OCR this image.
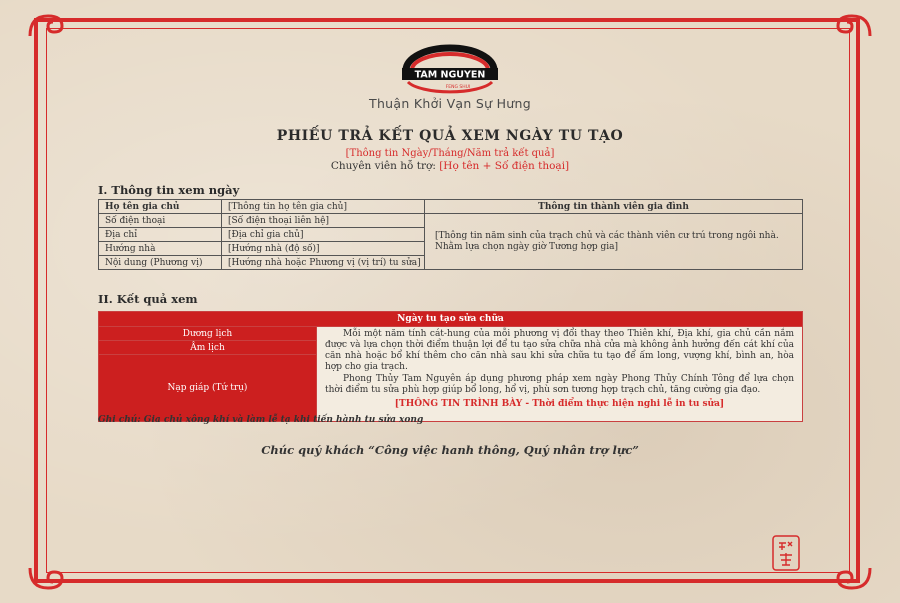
TAM NGUYEN
FENG SHUI
Thuận Khởi Vạn Sự Hưng
PHIẾU TRẢ KẾT QUẢ XEM NGÀY TU TẠO
[Thông tin Ngày/Tháng/Năm trả kết quả]
Chuyên viên hỗ trợ: [Họ tên + Số điện thoại]
I. Thông tin xem ngày
Họ tên gia chủ	[Thông tin họ tên gia chủ]	Thông tin thành viên gia đình
Số điện thoại	[Số điện thoại liên hệ]	[Thông tin năm sinh của trạch chủ và các thành viên cư trú trong ngôi nhà. Nhằm lựa chọn ngày giờ Tương hợp gia]
Địa chỉ	[Địa chỉ gia chủ]	
Hướng nhà	[Hướng nhà (độ số)]	
Nội dung (Phương vị)	[Hướng nhà hoặc Phương vị (vị trí) tu sửa]	
II. Kết quả xem
Ngày tu tạo sửa chữa
Dương lịch	Mỗi một năm tính cát-hung của mỗi phương vị đổi thay theo Thiên khí, Địa khí, gia chủ cần nắm được và lựa chọn thời điểm thuận lợi để tu tạo sửa chữa nhà cửa mà không ảnh hưởng đến cát khí của căn nhà hoặc bổ khí thêm cho căn nhà sau khi sửa chữa tu tạo để ấm long, vượng khí, bình an, hòa hợp cho gia trạch.

Phong Thủy Tam Nguyên áp dụng phương pháp xem ngày Phong Thủy Chính Tông để lựa chọn thời điểm tu sửa phù hợp giúp bổ long, hổ vị, phù sơn tương hợp trạch chủ, tăng cường gia đạo.

[THÔNG TIN TRÌNH BÀY - Thời điểm thực hiện nghi lễ in tu sửa]

Âm lịch
Nạp giáp (Tứ trụ)
Ghi chú: Gia chủ xông khí và làm lễ tạ khi tiến hành tu sửa xong
Chúc quý khách “Công việc hanh thông, Quý nhân trợ lực”
